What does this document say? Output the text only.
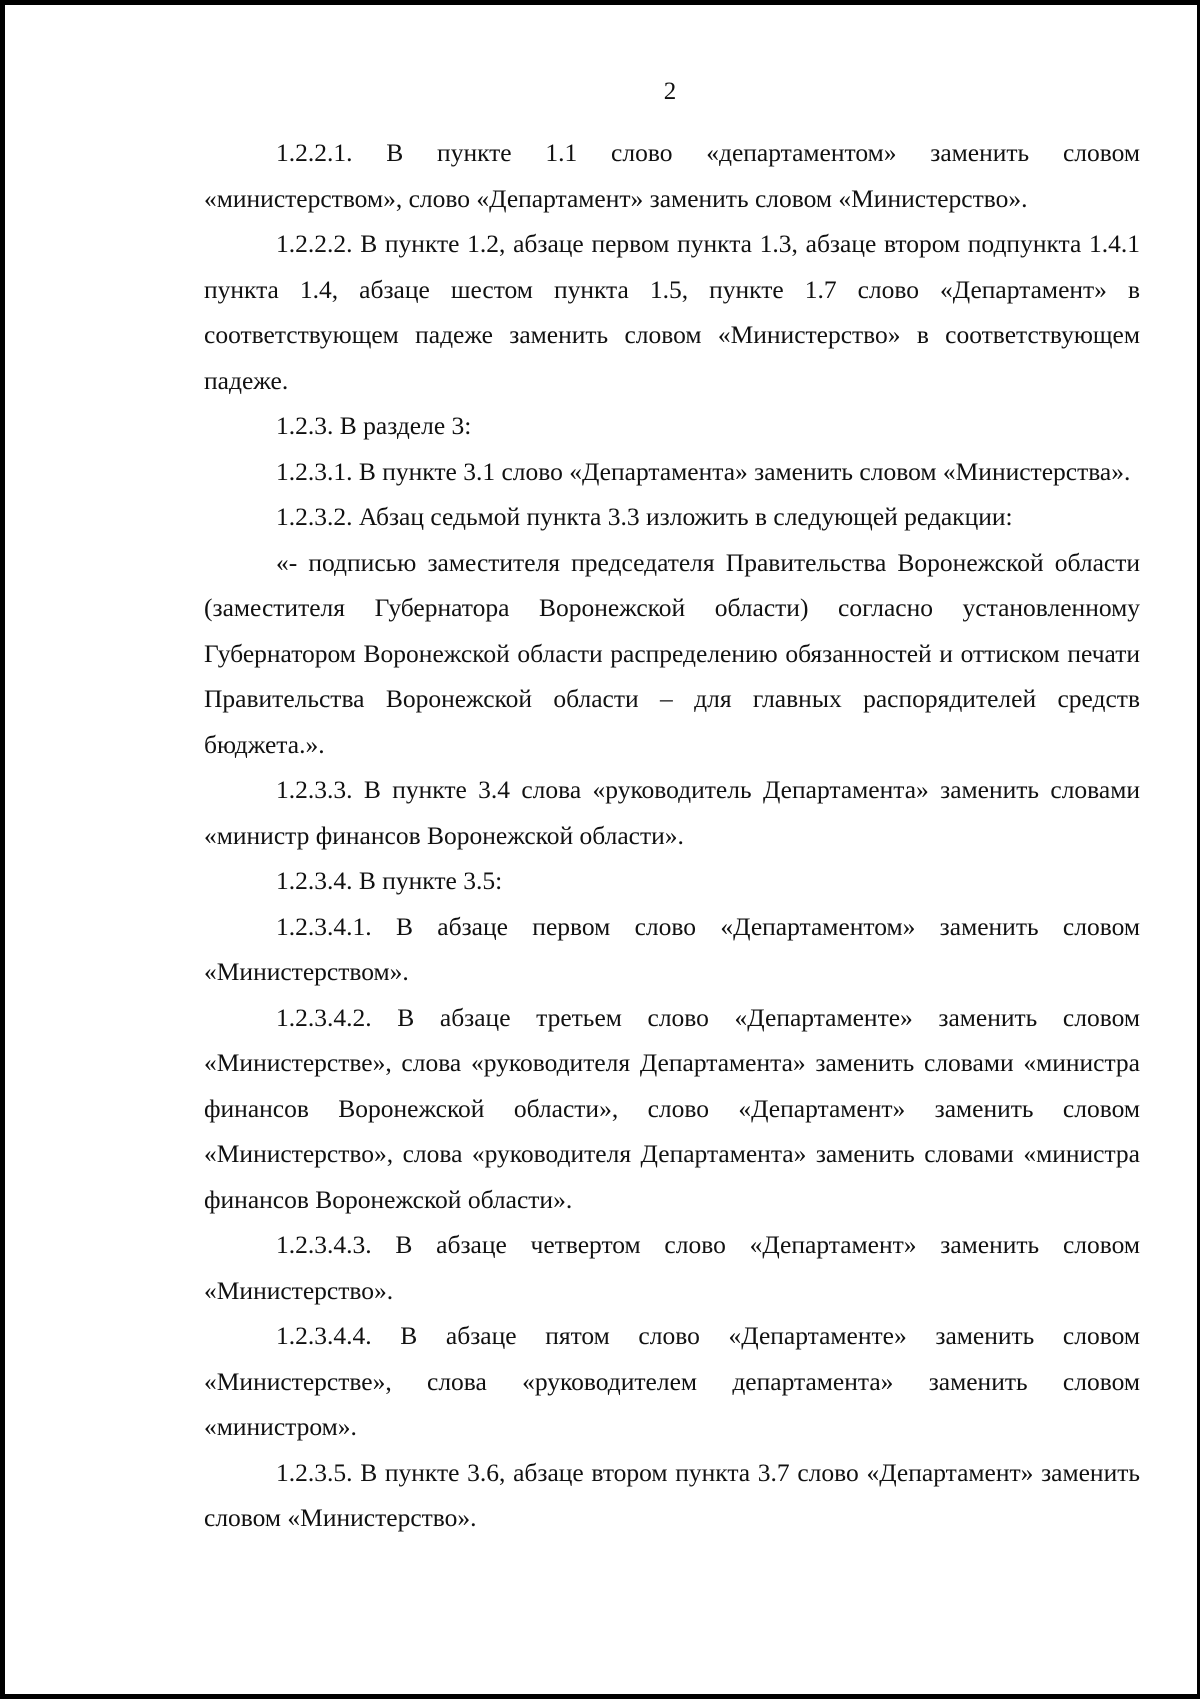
2

1.2.2.1. В пункте 1.1 слово «департаментом» заменить словом «министерством», слово «Департамент» заменить словом «Министерство».

1.2.2.2. В пункте 1.2, абзаце первом пункта 1.3, абзаце втором подпункта 1.4.1 пункта 1.4, абзаце шестом пункта 1.5, пункте 1.7 слово «Департамент» в соответствующем падеже заменить словом «Министерство» в соответствующем падеже.

1.2.3. В разделе 3:

1.2.3.1. В пункте 3.1 слово «Департамента» заменить словом «Министерства».

1.2.3.2. Абзац седьмой пункта 3.3 изложить в следующей редакции:

«- подписью заместителя председателя Правительства Воронежской области (заместителя Губернатора Воронежской области) согласно установленному Губернатором Воронежской области распределению обязанностей и оттиском печати Правительства Воронежской области – для главных распорядителей средств бюджета.».

1.2.3.3. В пункте 3.4 слова «руководитель Департамента» заменить словами «министр финансов Воронежской области».

1.2.3.4. В пункте 3.5:

1.2.3.4.1. В абзаце первом слово «Департаментом» заменить словом «Министерством».

1.2.3.4.2. В абзаце третьем слово «Департаменте» заменить словом «Министерстве», слова «руководителя Департамента» заменить словами «министра финансов Воронежской области», слово «Департамент» заменить словом «Министерство», слова «руководителя Департамента» заменить словами «министра финансов Воронежской области».

1.2.3.4.3. В абзаце четвертом слово «Департамент» заменить словом «Министерство».

1.2.3.4.4. В абзаце пятом слово «Департаменте» заменить словом «Министерстве», слова «руководителем департамента» заменить словом «министром».

1.2.3.5. В пункте 3.6, абзаце втором пункта 3.7 слово «Департамент» заменить словом «Министерство».
